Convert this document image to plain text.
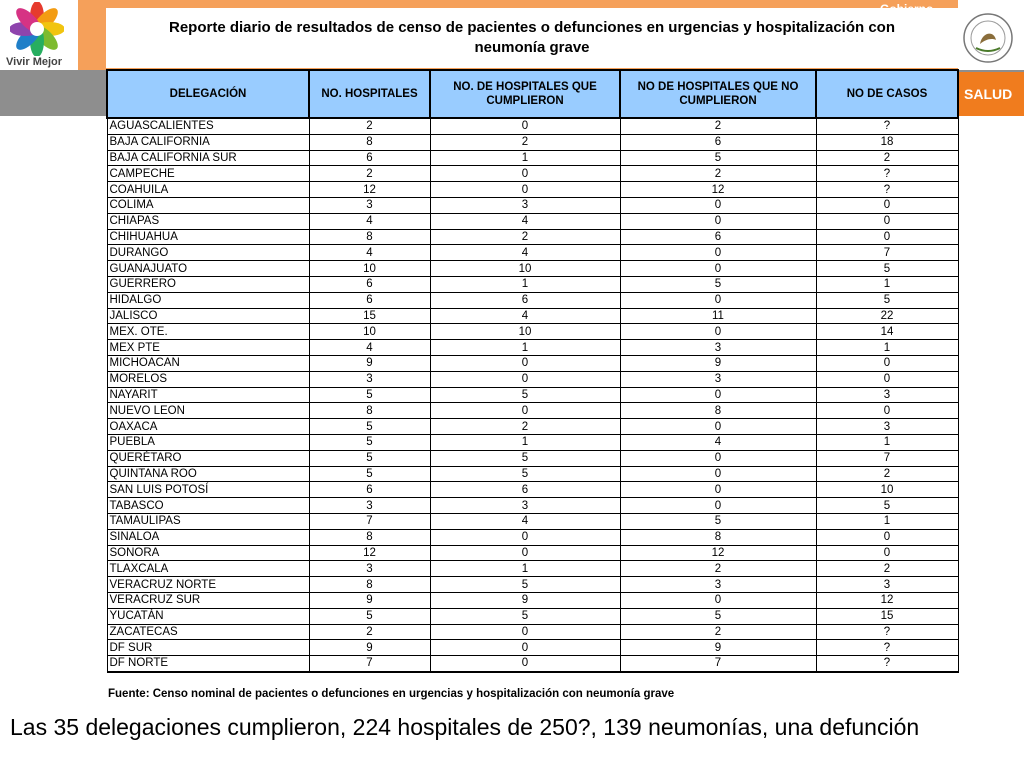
Vivir Mejor
SALUD
Reporte diario de resultados de censo de pacientes o defunciones en urgencias y hospitalización con neumonía grave
DELEGACIÓN	NO. HOSPITALES	NO. DE HOSPITALES QUE CUMPLIERON	NO DE HOSPITALES QUE NO CUMPLIERON	NO DE CASOS
AGUASCALIENTES	2	0	2	?
BAJA CALIFORNIA	8	2	6	18
BAJA CALIFORNIA SUR	6	1	5	2
CAMPECHE	2	0	2	?
COAHUILA	12	0	12	?
COLIMA	3	3	0	0
CHIAPAS	4	4	0	0
CHIHUAHUA	8	2	6	0
DURANGO	4	4	0	7
GUANAJUATO	10	10	0	5
GUERRERO	6	1	5	1
HIDALGO	6	6	0	5
JALISCO	15	4	11	22
MEX. OTE.	10	10	0	14
MEX PTE	4	1	3	1
MICHOACAN	9	0	9	0
MORELOS	3	0	3	0
NAYARIT	5	5	0	3
NUEVO LEON	8	0	8	0
OAXACA	5	2	0	3
PUEBLA	5	1	4	1
QUERÉTARO	5	5	0	7
QUINTANA ROO	5	5	0	2
SAN LUIS POTOSÍ	6	6	0	10
TABASCO	3	3	0	5
TAMAULIPAS	7	4	5	1
SINALOA	8	0	8	0
SONORA	12	0	12	0
TLAXCALA	3	1	2	2
VERACRUZ NORTE	8	5	3	3
VERACRUZ SUR	9	9	0	12
YUCATÁN	5	5	5	15
ZACATECAS	2	0	2	?
DF SUR	9	0	9	?
DF NORTE	7	0	7	?
Fuente: Censo nominal de pacientes o defunciones en urgencias y hospitalización con neumonía grave
Las 35 delegaciones cumplieron, 224 hospitales de 250?, 139 neumonías, una defunción
